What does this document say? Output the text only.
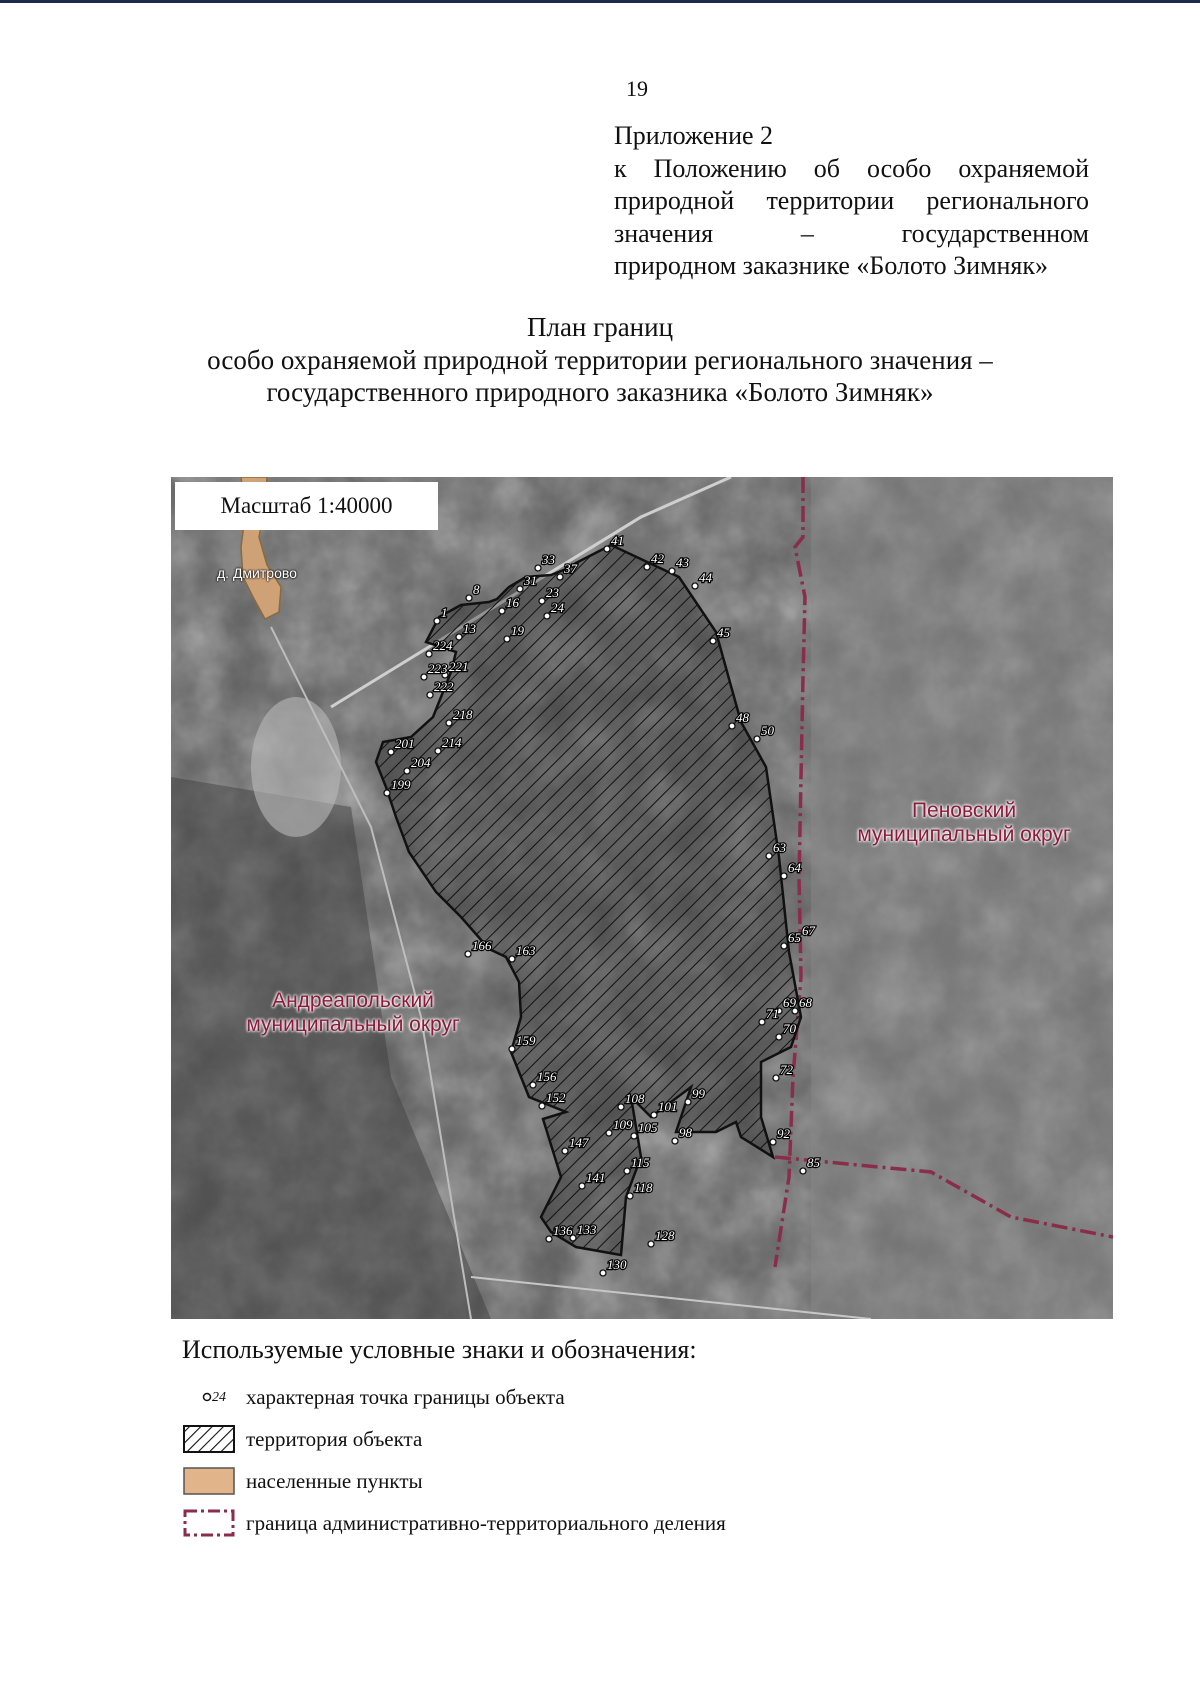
19
Приложение 2
к Положению об особо охраняемой
природной территории регионального
значения – государственном
природном заказнике «Болото Зимняк»
План границ
особо охраняемой природной территории регионального значения –
государственного природного заказника «Болото Зимняк»
1
8
13
16
19
23
24
31
33
37
41
42 43
44
45
48
50
63
64
65 67
68
69
70
71
72
85
92
98
99
101
105
108
109
115
118
128
130
133
136
141
147
152
156
159
163
166
199
201
204
214
218
221
222
223
224
Масштаб 1:40000
д. Дмитрово
Андреапольский
муниципальный округ
Пеновский
муниципальный округ
Используемые условные знаки и обозначения:
24 характерная точка границы объекта
территория объекта
населенные пункты
граница административно-территориального деления
